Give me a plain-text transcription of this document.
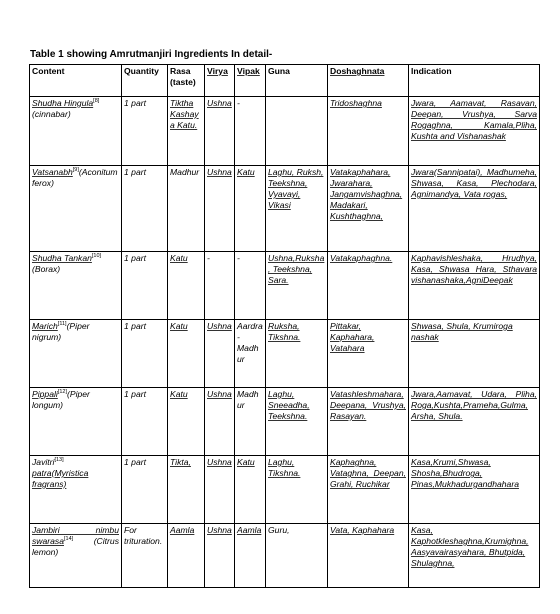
Table 1 showing Amrutmanjiri Ingredients In detail-
Content	Quantity	Rasa (taste)	Virya	Vipak	Guna	Doshaghnata	Indication
Shudha Hingula[8](cinnabar)	1 part	Tiktha Kashaya Katu.	Ushna	-		Tridoshaghna	Jwara, Aamavat, Rasavan, Deepan, Vrushya, Sarva Rogaghna, Kamala,Pliha, Kushta and Vishanashak
Vatsanabh[9](Aconitum ferox)	1 part	Madhur	Ushna	Katu	Laghu, Ruksh, Teekshna, Vyavayi, Vikasi	Vatakaphahara, Jwarahara, Jangamvishaghna, Madakari, Kushthaghna,	Jwara(Sannipatai), Madhumeha, Shwasa, Kasa, Plechodara, Agnimandya, Vata rogas,
Shudha Tankan[10](Borax)	1 part	Katu	-	-	Ushna,Ruksha, Teekshna, Sara.	Vatakaphaghna.	Kaphavishleshaka, Hrudhya, Kasa, Shwasa Hara, Sthavara vishanashaka,AgniDeepak
Marich[11](Piper nigrum)	1 part	Katu	Ushna	Aardra-Madhur	Ruksha, Tikshna.	Pittakar, Kaphahara, Vatahara	Shwasa, Shula, Krumiroga nashak
Pippali[12](Piper longum)	1 part	Katu	Ushna	Madhur	Laghu, Sneeadha, Teekshna.	Vatashleshmahara, Deepana, Vrushya, Rasayan.	Jwara,Aamavat, Udara, Pliha, Roga,Kushta,Prameha,Gulma, Arsha, Shula.
Javitri[13] patra(Myristica fragrans)	1 part	Tikta,	Ushna	Katu	Laghu, Tikshna.	Kaphaghna, Vataghna, Deepan, Grahi, Ruchikar	Kasa,Krumi,Shwasa, Shosha,Bhudroga, Pinas,Mukhadurgandhahara
Jambiri nimbu swarasa[14] (Citrus lemon)	For trituration.	Aamla	Ushna	Aamla	Guru,	Vata, Kaphahara	Kasa, Kaphotkleshaghna,Krumighna, Aasyavairasyahara, Bhutpida, Shulaghna,
